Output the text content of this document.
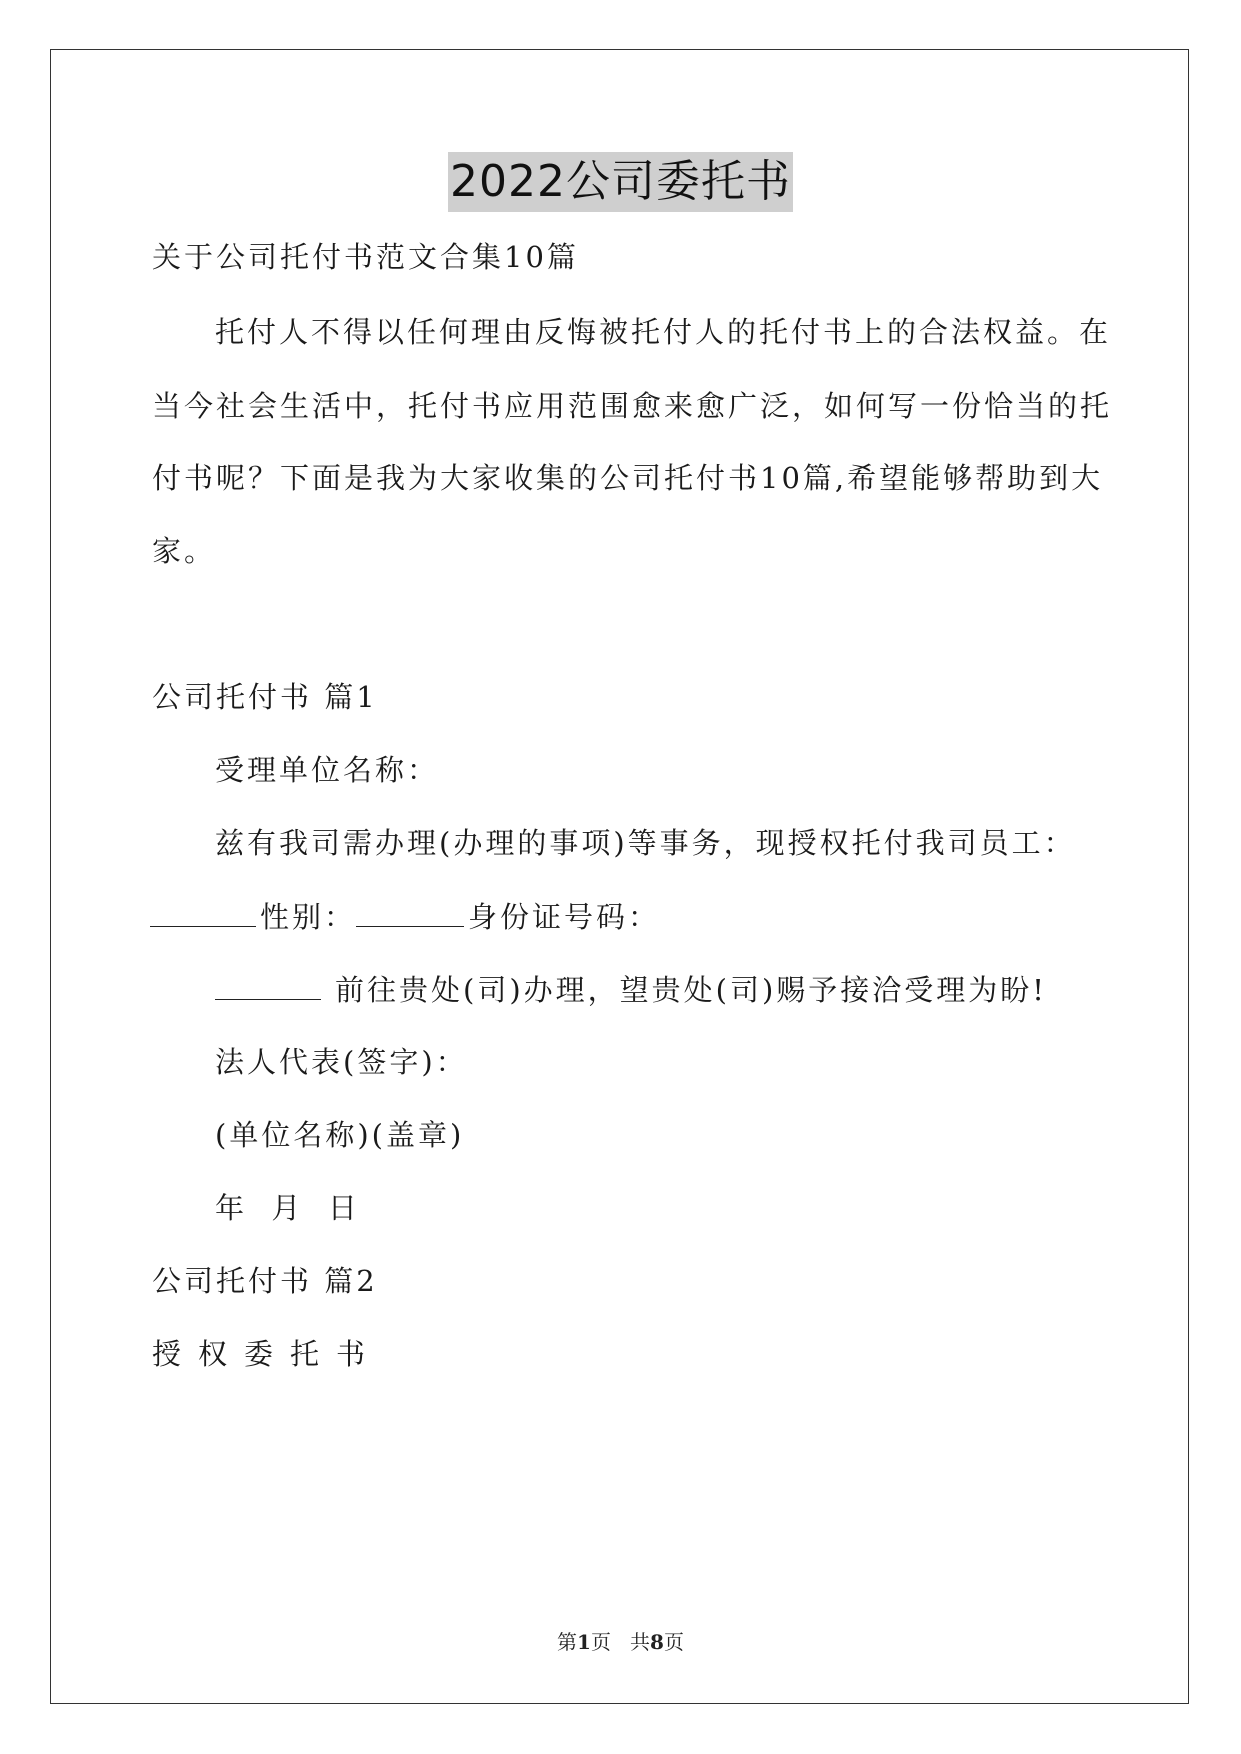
2022公司委托书
关于公司托付书范文合集10篇
托付人不得以任何理由反悔被托付人的托付书上的合法权益。在
当今社会生活中，托付书应用范围愈来愈广泛，如何写一份恰当的托
付书呢？下面是我为大家收集的公司托付书10篇,希望能够帮助到大
家。
公司托付书 篇1
受理单位名称：
兹有我司需办理(办理的事项)等事务，现授权托付我司员工：
性别：	身份证号码：
前往贵处(司)办理，望贵处(司)赐予接洽受理为盼!
法人代表(签字)：
(单位名称)(盖章)
年  月  日
公司托付书 篇2
授权委托书
第1页   共8页
